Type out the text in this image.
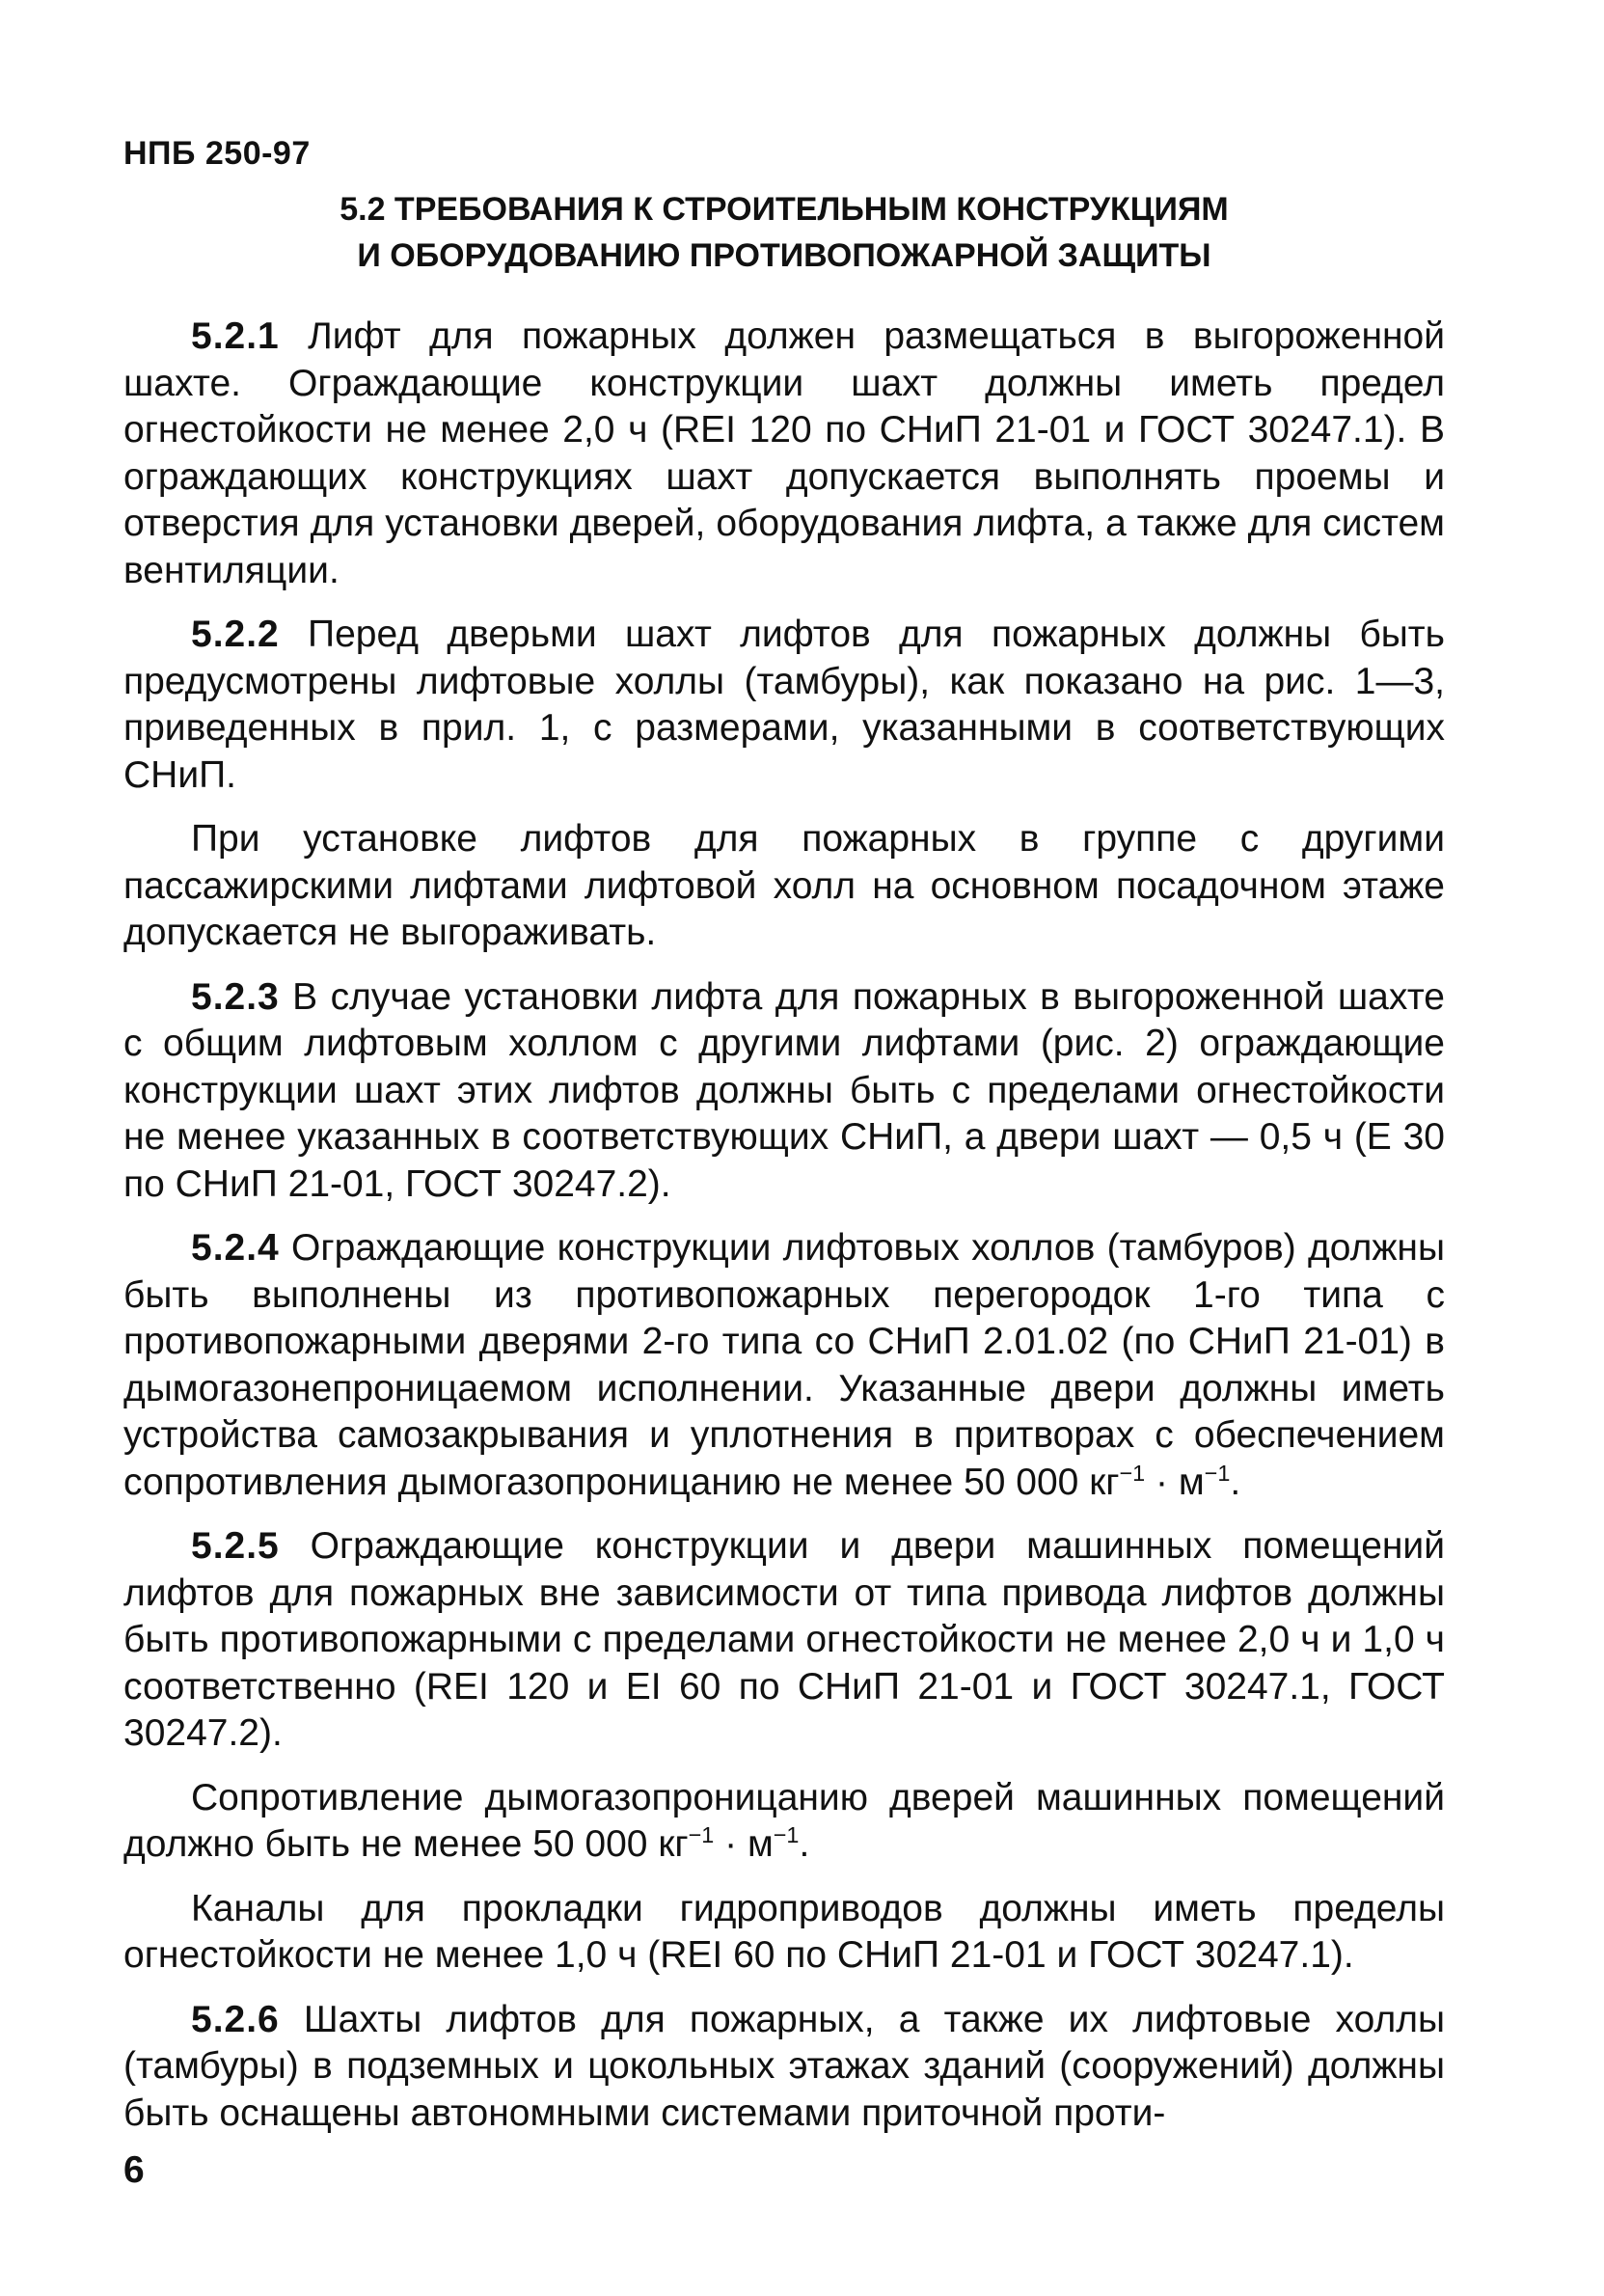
НПБ 250-97
5.2 ТРЕБОВАНИЯ К СТРОИТЕЛЬНЫМ КОНСТРУКЦИЯМ
И ОБОРУДОВАНИЮ ПРОТИВОПОЖАРНОЙ ЗАЩИТЫ

5.2.1 Лифт для пожарных должен размещаться в выгороженной шахте. Ограждающие конструкции шахт должны иметь предел огнестойкости не менее 2,0 ч (REI 120 по СНиП 21-01 и ГОСТ 30247.1). В ограждающих конструкциях шахт допускается выполнять проемы и отверстия для установки дверей, оборудования лифта, а также для систем вентиляции.

5.2.2 Перед дверьми шахт лифтов для пожарных должны быть предусмотрены лифтовые холлы (тамбуры), как показано на рис. 1—3, приведенных в прил. 1, с размерами, указанными в соответствующих СНиП.

При установке лифтов для пожарных в группе с другими пассажирскими лифтами лифтовой холл на основном посадочном этаже допускается не выгораживать.

5.2.3 В случае установки лифта для пожарных в выгороженной шахте с общим лифтовым холлом с другими лифтами (рис. 2) ограждающие конструкции шахт этих лифтов должны быть с пределами огнестойкости не менее указанных в соответствующих СНиП, а двери шахт — 0,5 ч (Е 30 по СНиП 21-01, ГОСТ 30247.2).

5.2.4 Ограждающие конструкции лифтовых холлов (тамбуров) должны быть выполнены из противопожарных перегородок 1-го типа с противопожарными дверями 2-го типа со СНиП 2.01.02 (по СНиП 21-01) в дымогазонепроницаемом исполнении. Указанные двери должны иметь устройства самозакрывания и уплотнения в притворах с обеспечением сопротивления дымогазопроницанию не менее 50 000 $кг^{-1} \cdot м^{-1}$.

5.2.5 Ограждающие конструкции и двери машинных помещений лифтов для пожарных вне зависимости от типа привода лифтов должны быть противопожарными с пределами огнестойкости не менее 2,0 ч и 1,0 ч соответственно (REI 120 и EI 60 по СНиП 21-01 и ГОСТ 30247.1, ГОСТ 30247.2).

Сопротивление дымогазопроницанию дверей машинных помещений должно быть не менее 50 000 $кг^{-1} \cdot м^{-1}$.

Каналы для прокладки гидроприводов должны иметь пределы огнестойкости не менее 1,0 ч (REI 60 по СНиП 21-01 и ГОСТ 30247.1).

5.2.6 Шахты лифтов для пожарных, а также их лифтовые холлы (тамбуры) в подземных и цокольных этажах зданий (сооружений) должны быть оснащены автономными системами приточной проти-

6
